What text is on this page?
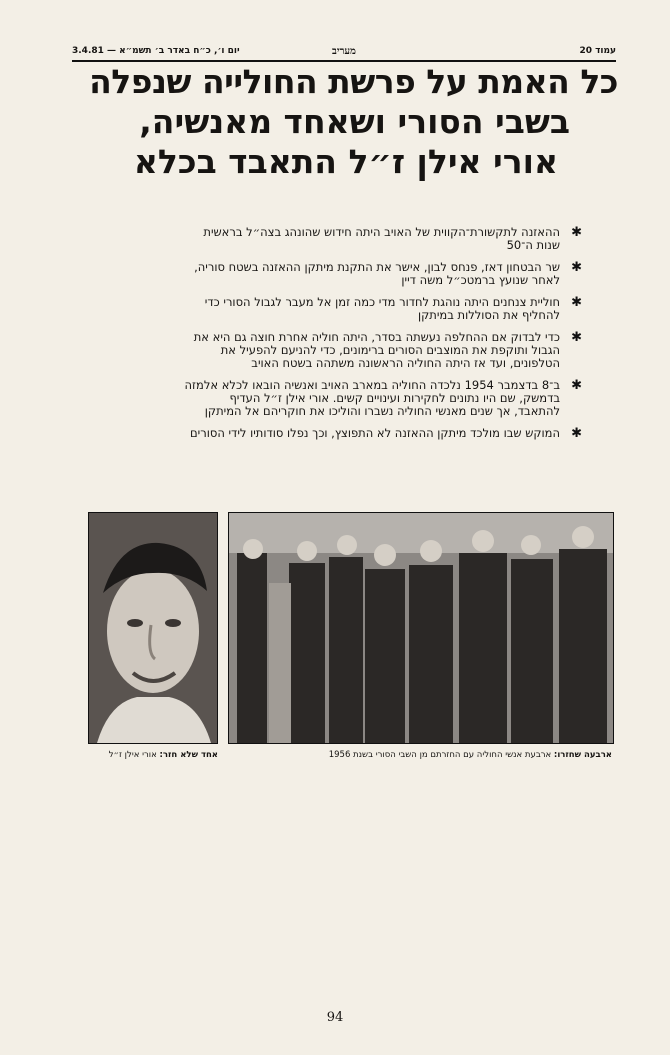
עמוד 20
מעריב
יום ו׳, כ״ח באדר ב׳ תשמ״א — 3.4.81
כל האמת על פרשת החולייה שנפלה
בשבי הסורי ושאחד מאנשיה,
אורי אילן ז״ל התאבד בכלא
✱
ההאזנה לתקשורת־הקווית של האויב היתה חידוש שהונהג בצה״ל בראשית שנות ה־50
✱
שר הבטחון דאז, פנחס לבון, אישר את התקנת מיתקן ההאזנה בשטח סוריה, לאחר שנועץ ברמטכ״ל משה דיין
✱
חוליית צנחנים היתה נוהגת לחדור מדי כמה זמן אל מעבר לגבול הסורי כדי להחליף את הסוללות במיתקן
✱
כדי לבדוק אם ההחלפה נעשתה בסדר, היתה חוליה אחרת חוצה גם היא את הגבול ותוקפת את המוצבים הסורים ברימונים, כדי להניעם להפעיל את הטלפונים, ועד אז היתה החוליה הראשונה משתהה בשטח האויב
✱
ב־8 בדצמבר 1954 נלכדה החוליה במארב האויב ואנשיה הובאו לכלא אלמזה בדמשק, שם היו נתונים לחקירות ועינויים קשים. אורי אילן ז״ל העדיף להתאבד, אך שנים מאנשי החוליה נשברו והוליכו את חוקריהם אל המיתקן
✱
המוקש שבו מולכד מיתקן ההאזנה לא התפוצץ, וכך נפלו סודותיו לידי הסורים
אחד שלא חזר: אורי אילן ז״ל	ארבעה שחזרו: ארבעת אנשי החוליה עם החזרתם מן השבי הסורי בשנת 1956
94
